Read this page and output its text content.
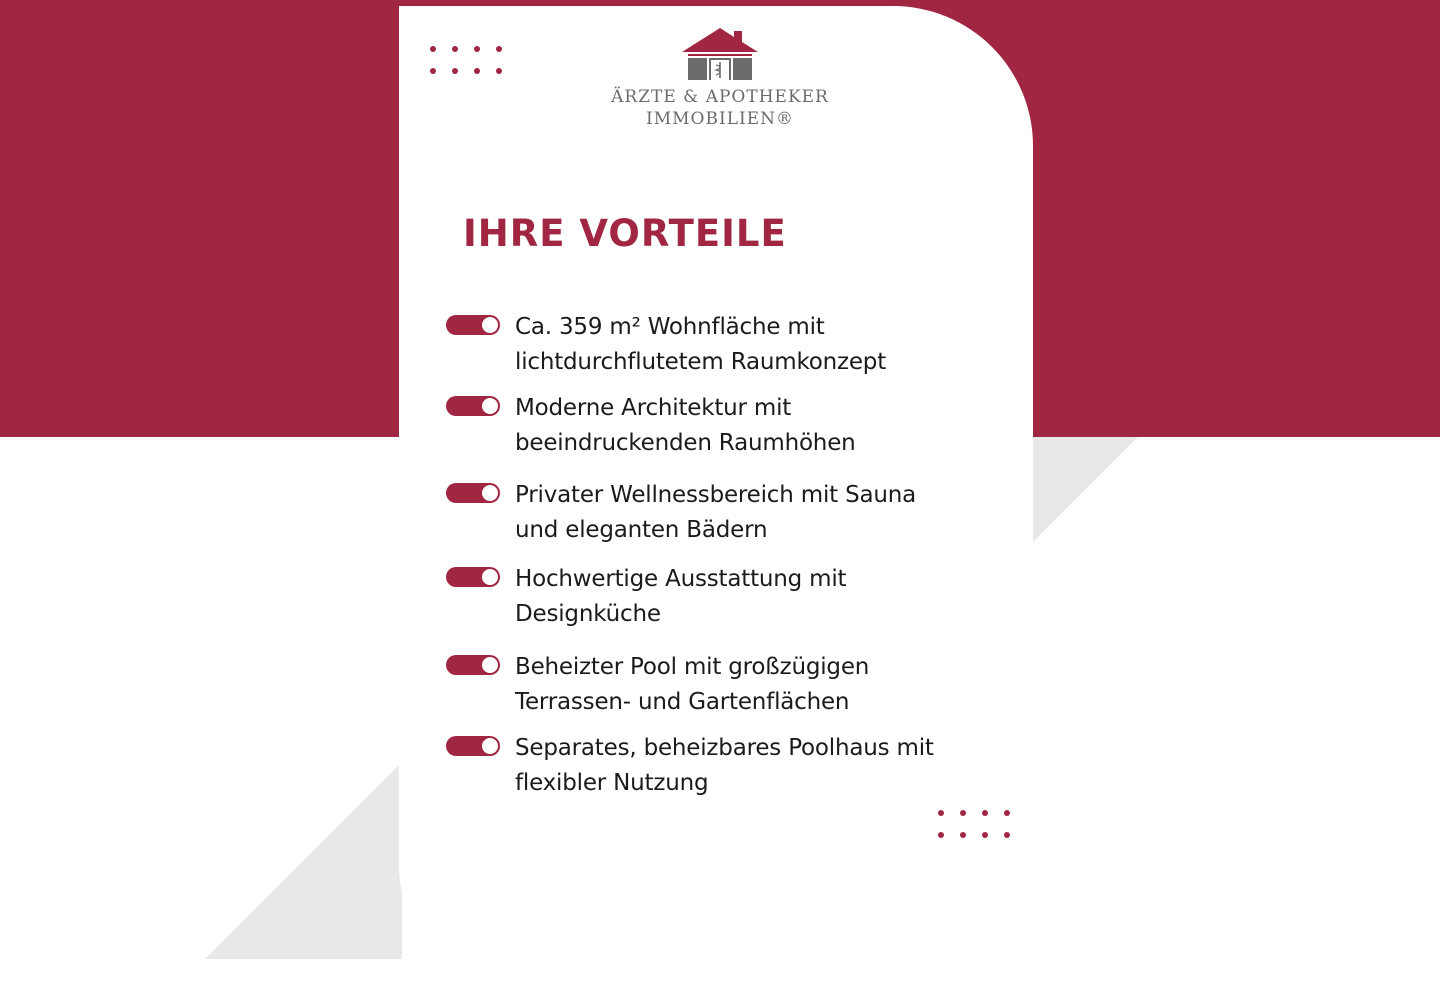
ÄRZTE & APOTHEKER
IMMOBILIEN®
IHRE VORTEILE
Ca. 359 m² Wohnfläche mit
lichtdurchflutetem Raumkonzept
Moderne Architektur mit
beeindruckenden Raumhöhen
Privater Wellnessbereich mit Sauna
und eleganten Bädern
Hochwertige Ausstattung mit
Designküche
Beheizter Pool mit großzügigen
Terrassen- und Gartenflächen
Separates, beheizbares Poolhaus mit
flexibler Nutzung
